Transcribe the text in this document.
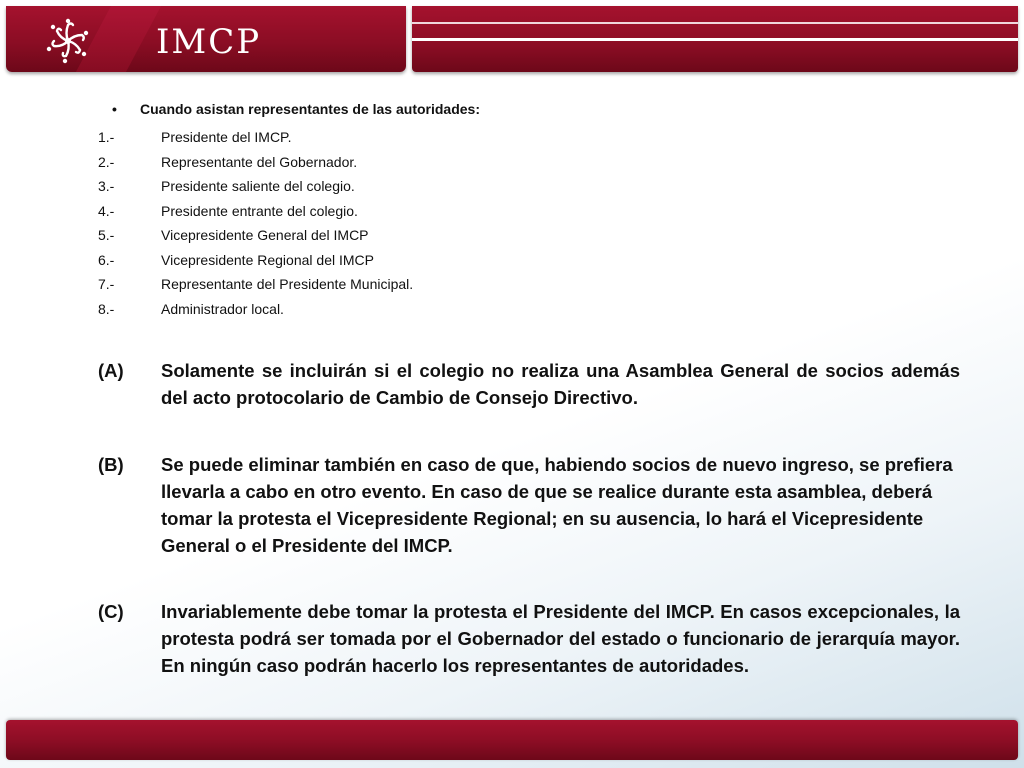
IMCP
• Cuando asistan representantes de las autoridades:
1.-	Presidente del IMCP.
2.-	Representante del Gobernador.
3.-	Presidente saliente del colegio.
4.-	Presidente entrante del colegio.
5.-	Vicepresidente General del IMCP
6.-	Vicepresidente Regional del IMCP
7.-	Representante del Presidente Municipal.
8.-	Administrador local.
(A)	Solamente se incluirán si el colegio no realiza una Asamblea General de socios además del acto protocolario de Cambio de Consejo Directivo.
(B)	Se puede eliminar también en caso de que, habiendo socios de nuevo ingreso, se prefiera llevarla a cabo en otro evento. En caso de que se realice durante esta asamblea, deberá tomar la protesta el Vicepresidente Regional; en su ausencia, lo hará el Vicepresidente General o el Presidente del IMCP.
(C)	Invariablemente debe tomar la protesta el Presidente del IMCP. En casos excepcionales, la protesta podrá ser tomada por el Gobernador del estado o funcionario de jerarquía mayor. En ningún caso podrán hacerlo los representantes de autoridades.
